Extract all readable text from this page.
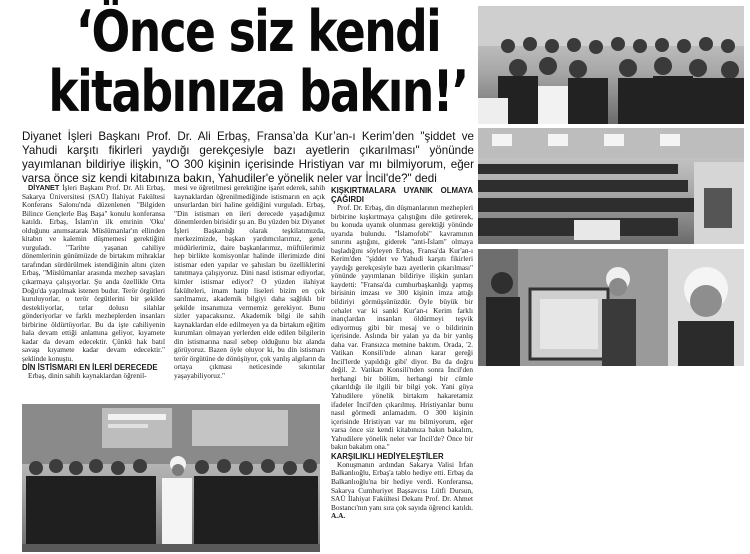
‘Önce siz kendi
kitabınıza bakın!’
Diyanet İşleri Başkanı Prof. Dr. Ali Erbaş, Fransa’da Kur’an-ı Kerim’den "şiddet ve Yahudi karşıtı fikirleri yaydığı gerekçesiyle bazı ayetlerin çıkarılması" yönünde yayımlanan bildiriye ilişkin, "O 300 kişinin içerisinde Hristiyan var mı bilmiyorum, eğer varsa önce siz kendi kitabınıza bakın, Yahudiler'e yönelik neler var İncil'de?" dedi

DİYANET İşleri Başkanı Prof. Dr. Ali Erbaş, Sakarya Üniversitesi (SAÜ) İlahiyat Fakültesi Konferans Salonu'nda düzenlenen "Bilgiden Bilince Gençlerle Baş Başa" konulu konferansa katıldı. Erbaş, İslam'ın ilk emrinin 'Oku' olduğunu anımsatarak Müslümanlar'ın ellinden kitabın ve kalemin düşmemesi gerektiğini vurguladı. "Tarihte yaşanan cahiliye dönemlerinin günümüzde de birtakım mihraklar tarafından sürdürülmek istendiğinin altını çizen Erbaş, "Müslümanlar arasında mezhep savaşları çıkarmaya çalışıyorlar. Şu anda özellikle Orta Doğu'da yapılmak istenen budur. Terör örgütleri kuruluyorlar, o terör örgütlerini bir şekilde destekliyorlar, tırlar dolusu silahlar gönderiyorlar ve farklı mezheplerden insanları birbirine öldürtüyorlar. Bu da işte cahiliyenin hala devam ettiği anlamına geliyor, kıyamete kadar da devam edecektir. Çünkü hak batıl savaşı kıyamete kadar devam edecektir." şeklinde konuştu.

DİN İSTİSMARI EN İLERİ DERECEDE

Erbaş, dinin sahih kaynaklardan öğrenil-

mesi ve öğretilmesi gerektiğine işaret ederek, sahih kaynaklardan öğrenilmediğinde istismarın en açık unsurlardan biri haline geldiğini vurguladı. Erbaş, "Din istismarı en ileri derecede yaşadığımız dönemlerden birisidir şu an. Bu yüzden biz Diyanet İşleri Başkanlığı olarak teşkilatımızda, merkezimizde, başkan yardımcılarımız, genel müdürlerimiz, daire başkanlarımız, müftülerimiz hep birlikte komisyonlar halinde illerimizde dini istismar eden yapılar ve şahısları bu özelliklerini tanıtmaya çalışıyoruz. Dini nasıl istismar ediyorlar, kimler istismar ediyor? O yüzden ilahiyat fakülteleri, imam hatip liseleri bizim en çok sarılmamız, akademik bilgiyi daha sağlıklı bir şekilde insanımıza vermemiz gerekiyor. Bunu sizler yapacaksınız. Akademik bilgi ile sahih kaynaklardan elde edilmeyen ya da birtakım eğitim kurumları olmayan yerlerden elde edilen bilgilerin din istismarına nasıl sebep olduğunu biz alanda görüyoruz. Bazen öyle oluyor ki, bu din istismarı terör örgütüne de dönüşüyor, çok yanlış algıların da ortaya çıkması neticesinde sıkıntılar yaşayabiliyoruz."

KIŞKIRTMALARA UYANIK OLMAYA ÇAĞIRDI

Prof. Dr. Erbaş, din düşmanlarının mezhepleri birbirine kışkırtmaya çalıştığını dile getirerek, bu konuda uyanık olunması gerektiği yönünde uyarıda bulundu. "İslamofobi" kavramının sınırını aştığını, giderek "anti-İslam" olmaya başladığını söyleyen Erbaş, Fransa'da Kur'an-ı Kerim'den "şiddet ve Yahudi karşıtı fikirleri yaydığı gerekçesiyle bazı ayetlerin çıkarılması" yönünde yayımlanan bildiriye ilişkin şunları kaydetti: "Fransa'da cumhurbaşkanlığı yapmış birisinin imzası ve 300 kişinin imza attığı bildiriyi görmüşsünüzdür. Öyle büyük bir cehalet var ki sanki Kur'an-ı Kerim farklı inançlardan insanları öldürmeyi teşvik ediyormuş gibi bir mesaj ve o bildirinin içerisinde. Aslında bir yalan ya da bir yanlış daha var. Fransızca metnine baktım. Orada, '2. Vatikan Konsili'nde alınan karar gereği İncil'lerde yapıldığı gibi' diyor. Bu da doğru değil. 2. Vatikan Konsili'nden sonra İncil'den herhangi bir bölüm, herhangi bir cümle çıkarıldığı ile ilgili bir bilgi yok. Yani güya Yahudilere yönelik birtakım hakaretamiz ifadeler İncil'den çıkarılmış. Hristiyanlar bunu nasıl görmedi anlamadım. O 300 kişinin içerisinde Hristiyan var mı bilmiyorum, eğer varsa önce siz kendi kitabınıza bakın bakalım, Yahudilere yönelik neler var İncil'de? Önce bir bakın bakalım ona."

KARŞILIKLI HEDİYELEŞTİLER

Konuşmanın ardından Sakarya Valisi İrfan Balkanlıoğlu, Erbaş'a tablo hediye etti. Erbaş da Balkanlıoğlu'na bir hediye verdi. Konferansa, Sakarya Cumhuriyet Başsavcısı Lütfi Dursun, SAÜ İlahiyat Fakültesi Dekanı Prof. Dr. Ahmet Bostancı'nın yanı sıra çok sayıda öğrenci katıldı. A.A.
